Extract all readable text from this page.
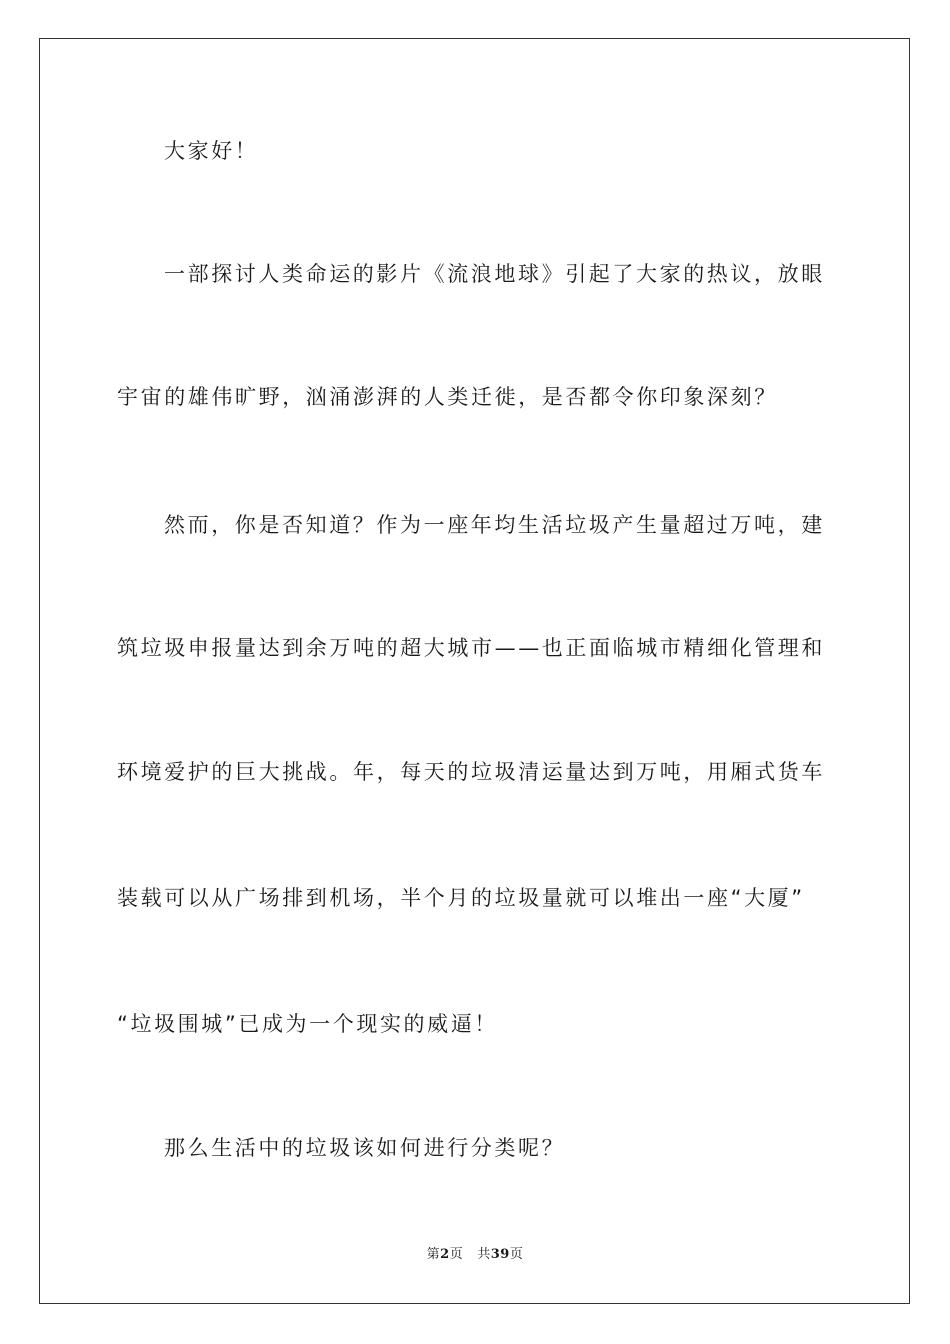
大家好！
一部探讨人类命运的影片《流浪地球》引起了大家的热议，放眼
宇宙的雄伟旷野，汹涌澎湃的人类迁徙，是否都令你印象深刻？
然而，你是否知道？作为一座年均生活垃圾产生量超过万吨，建
筑垃圾申报量达到余万吨的超大城市——也正面临城市精细化管理和
环境爱护的巨大挑战。年，每天的垃圾清运量达到万吨，用厢式货车
装载可以从广场排到机场，半个月的垃圾量就可以堆出一座“大厦”
“垃圾围城”已成为一个现实的威逼！
那么生活中的垃圾该如何进行分类呢？
第2页 共39页
